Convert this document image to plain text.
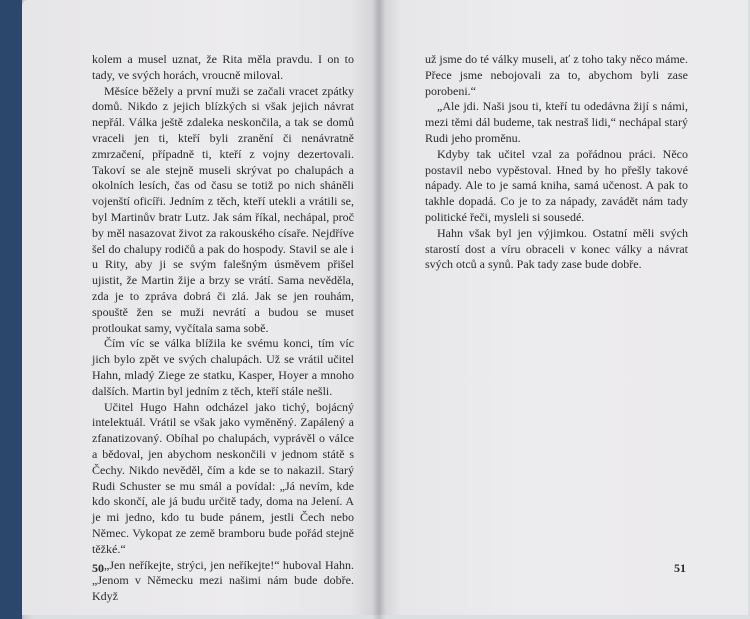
kolem a musel uznat, že Rita měla pravdu. I on to tady, ve svých horách, vroucně miloval.

Měsíce běžely a první muži se začali vracet zpátky domů. Nikdo z jejich blízkých si však jejich návrat nepřál. Válka ještě zdaleka neskončila, a tak se domů vraceli jen ti, kteří byli zranění či nenávratně zmrzačení, případně ti, kteří z vojny dezertovali. Takoví se ale stejně museli skrývat po chalupách a okolních lesích, čas od času se totiž po nich sháněli vojenští oficíři. Jedním z těch, kteří utekli a vrátili se, byl Martinův bratr Lutz. Jak sám říkal, nechápal, proč by měl nasazovat život za rakouského císaře. Nejdříve šel do chalupy rodičů a pak do hospody. Stavil se ale i u Rity, aby ji se svým falešným úsměvem přišel ujistit, že Martin žije a brzy se vrátí. Sama nevěděla, zda je to zpráva dobrá či zlá. Jak se jen rouhám, spouště žen se muži nevrátí a budou se muset protloukat samy, vyčítala sama sobě.

Čím víc se válka blížila ke svému konci, tím víc jich bylo zpět ve svých chalupách. Už se vrátil učitel Hahn, mladý Ziege ze statku, Kasper, Hoyer a mnoho dalších. Martin byl jedním z těch, kteří stále nešli.

Učitel Hugo Hahn odcházel jako tichý, bojácný intelektuál. Vrátil se však jako vyměněný. Zapálený a zfanatizovaný. Obíhal po chalupách, vyprávěl o válce a bědoval, jen abychom neskončili v jednom státě s Čechy. Nikdo nevěděl, čím a kde se to nakazil. Starý Rudi Schuster se mu smál a povídal: „Já nevím, kde kdo skončí, ale já budu určitě tady, doma na Jelení. A je mi jedno, kdo tu bude pánem, jestli Čech nebo Němec. Vykopat ze země bramboru bude pořád stejně těžké.“

„Jen neříkejte, strýci, jen neříkejte!“ huboval Hahn. „Jenom v Německu mezi našimi nám bude dobře. Když

už jsme do té války museli, ať z toho taky něco máme. Přece jsme nebojovali za to, abychom byli zase porobeni.“

„Ale jdi. Naši jsou ti, kteří tu odedávna žijí s námi, mezi těmi dál budeme, tak nestraš lidi,“ nechápal starý Rudi jeho proměnu.

Kdyby tak učitel vzal za pořádnou práci. Něco postavil nebo vypěstoval. Hned by ho přešly takové nápady. Ale to je samá kniha, samá učenost. A pak to takhle dopadá. Co je to za nápady, zavádět nám tady politické řeči, mysleli si sousedé.

Hahn však byl jen výjimkou. Ostatní měli svých starostí dost a víru obraceli v konec války a návrat svých otců a synů. Pak tady zase bude dobře.

50	51
